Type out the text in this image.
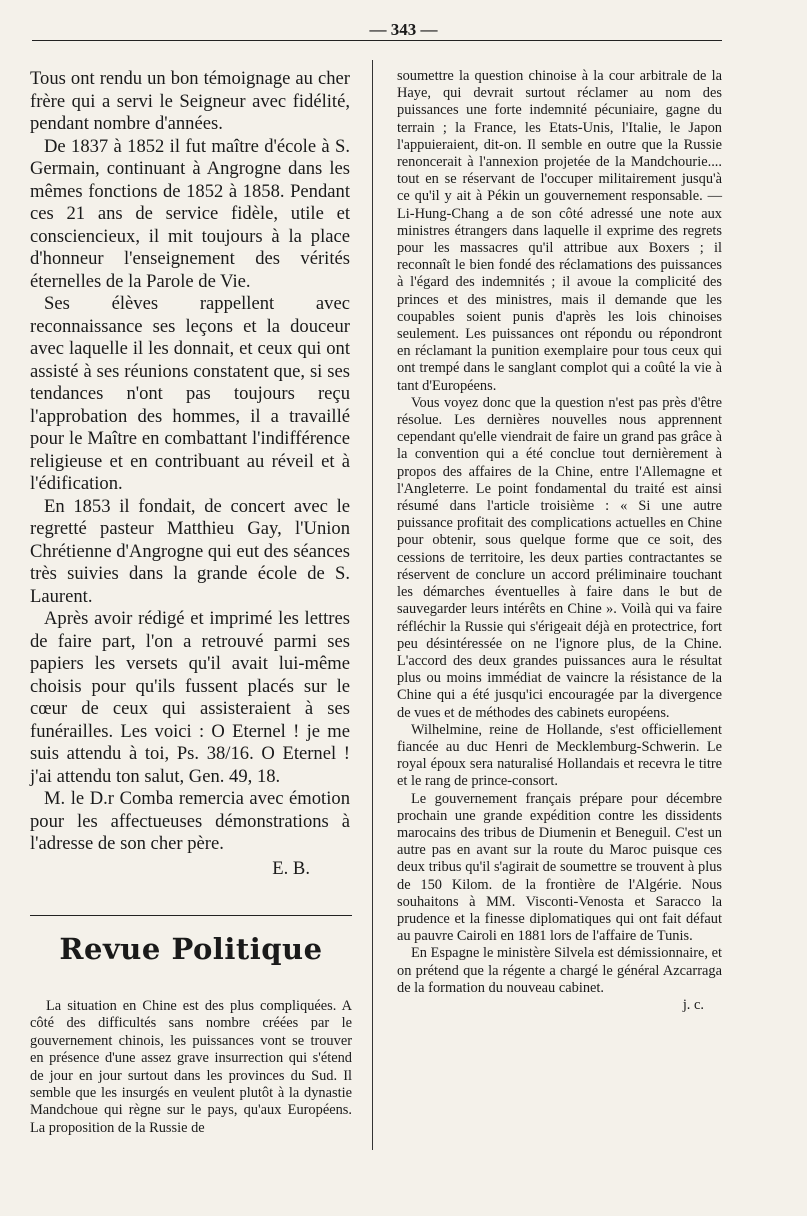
— 343 —

Tous ont rendu un bon témoignage au cher frère qui a servi le Seigneur avec fidélité, pendant nombre d'années.

De 1837 à 1852 il fut maître d'école à S. Germain, continuant à Angrogne dans les mêmes fonctions de 1852 à 1858. Pendant ces 21 ans de service fidèle, utile et consciencieux, il mit toujours à la place d'honneur l'enseignement des vérités éternelles de la Parole de Vie.

Ses élèves rappellent avec reconnaissance ses leçons et la douceur avec laquelle il les donnait, et ceux qui ont assisté à ses réunions constatent que, si ses tendances n'ont pas toujours reçu l'approbation des hommes, il a travaillé pour le Maître en combattant l'indifférence religieuse et en contribuant au réveil et à l'édification.

En 1853 il fondait, de concert avec le regretté pasteur Matthieu Gay, l'Union Chrétienne d'Angrogne qui eut des séances très suivies dans la grande école de S. Laurent.

Après avoir rédigé et imprimé les lettres de faire part, l'on a retrouvé parmi ses papiers les versets qu'il avait lui-même choisis pour qu'ils fussent placés sur le cœur de ceux qui assisteraient à ses funérailles. Les voici : O Eternel ! je me suis attendu à toi, Ps. 38/16. O Eternel ! j'ai attendu ton salut, Gen. 49, 18.

M. le D.r Comba remercia avec émotion pour les affectueuses démonstrations à l'adresse de son cher père.

E. B.
Revue Politique

La situation en Chine est des plus compliquées. A côté des difficultés sans nombre créées par le gouvernement chinois, les puissances vont se trouver en présence d'une assez grave insurrection qui s'étend de jour en jour surtout dans les provinces du Sud. Il semble que les insurgés en veulent plutôt à la dynastie Mandchoue qui règne sur le pays, qu'aux Européens. La proposition de la Russie de

soumettre la question chinoise à la cour arbitrale de la Haye, qui devrait surtout réclamer au nom des puissances une forte indemnité pécuniaire, gagne du terrain ; la France, les Etats-Unis, l'Italie, le Japon l'appuieraient, dit-on. Il semble en outre que la Russie renoncerait à l'annexion projetée de la Mandchourie.... tout en se réservant de l'occuper militairement jusqu'à ce qu'il y ait à Pékin un gouvernement responsable. — Li-Hung-Chang a de son côté adressé une note aux ministres étrangers dans laquelle il exprime des regrets pour les massacres qu'il attribue aux Boxers ; il reconnaît le bien fondé des réclamations des puissances à l'égard des indemnités ; il avoue la complicité des princes et des ministres, mais il demande que les coupables soient punis d'après les lois chinoises seulement. Les puissances ont répondu ou répondront en réclamant la punition exemplaire pour tous ceux qui ont trempé dans le sanglant complot qui a coûté la vie à tant d'Européens.

Vous voyez donc que la question n'est pas près d'être résolue. Les dernières nouvelles nous apprennent cependant qu'elle viendrait de faire un grand pas grâce à la convention qui a été conclue tout dernièrement à propos des affaires de la Chine, entre l'Allemagne et l'Angleterre. Le point fondamental du traité est ainsi résumé dans l'article troisième : « Si une autre puissance profitait des complications actuelles en Chine pour obtenir, sous quelque forme que ce soit, des cessions de territoire, les deux parties contractantes se réservent de conclure un accord préliminaire touchant les démarches éventuelles à faire dans le but de sauvegarder leurs intérêts en Chine ». Voilà qui va faire réfléchir la Russie qui s'érigeait déjà en protectrice, fort peu désintéressée on ne l'ignore plus, de la Chine. L'accord des deux grandes puissances aura le résultat plus ou moins immédiat de vaincre la résistance de la Chine qui a été jusqu'ici encouragée par la divergence de vues et de méthodes des cabinets européens.

Wilhelmine, reine de Hollande, s'est officiellement fiancée au duc Henri de Mecklemburg-Schwerin. Le royal époux sera naturalisé Hollandais et recevra le titre et le rang de prince-consort.

Le gouvernement français prépare pour décembre prochain une grande expédition contre les dissidents marocains des tribus de Diumenin et Beneguil. C'est un autre pas en avant sur la route du Maroc puisque ces deux tribus qu'il s'agirait de soumettre se trouvent à plus de 150 Kilom. de la frontière de l'Algérie. Nous souhaitons à MM. Visconti-Venosta et Saracco la prudence et la finesse diplomatiques qui ont fait défaut au pauvre Cairoli en 1881 lors de l'affaire de Tunis.

En Espagne le ministère Silvela est démissionnaire, et on prétend que la régente a chargé le général Azcarraga de la formation du nouveau cabinet.

j. c.
